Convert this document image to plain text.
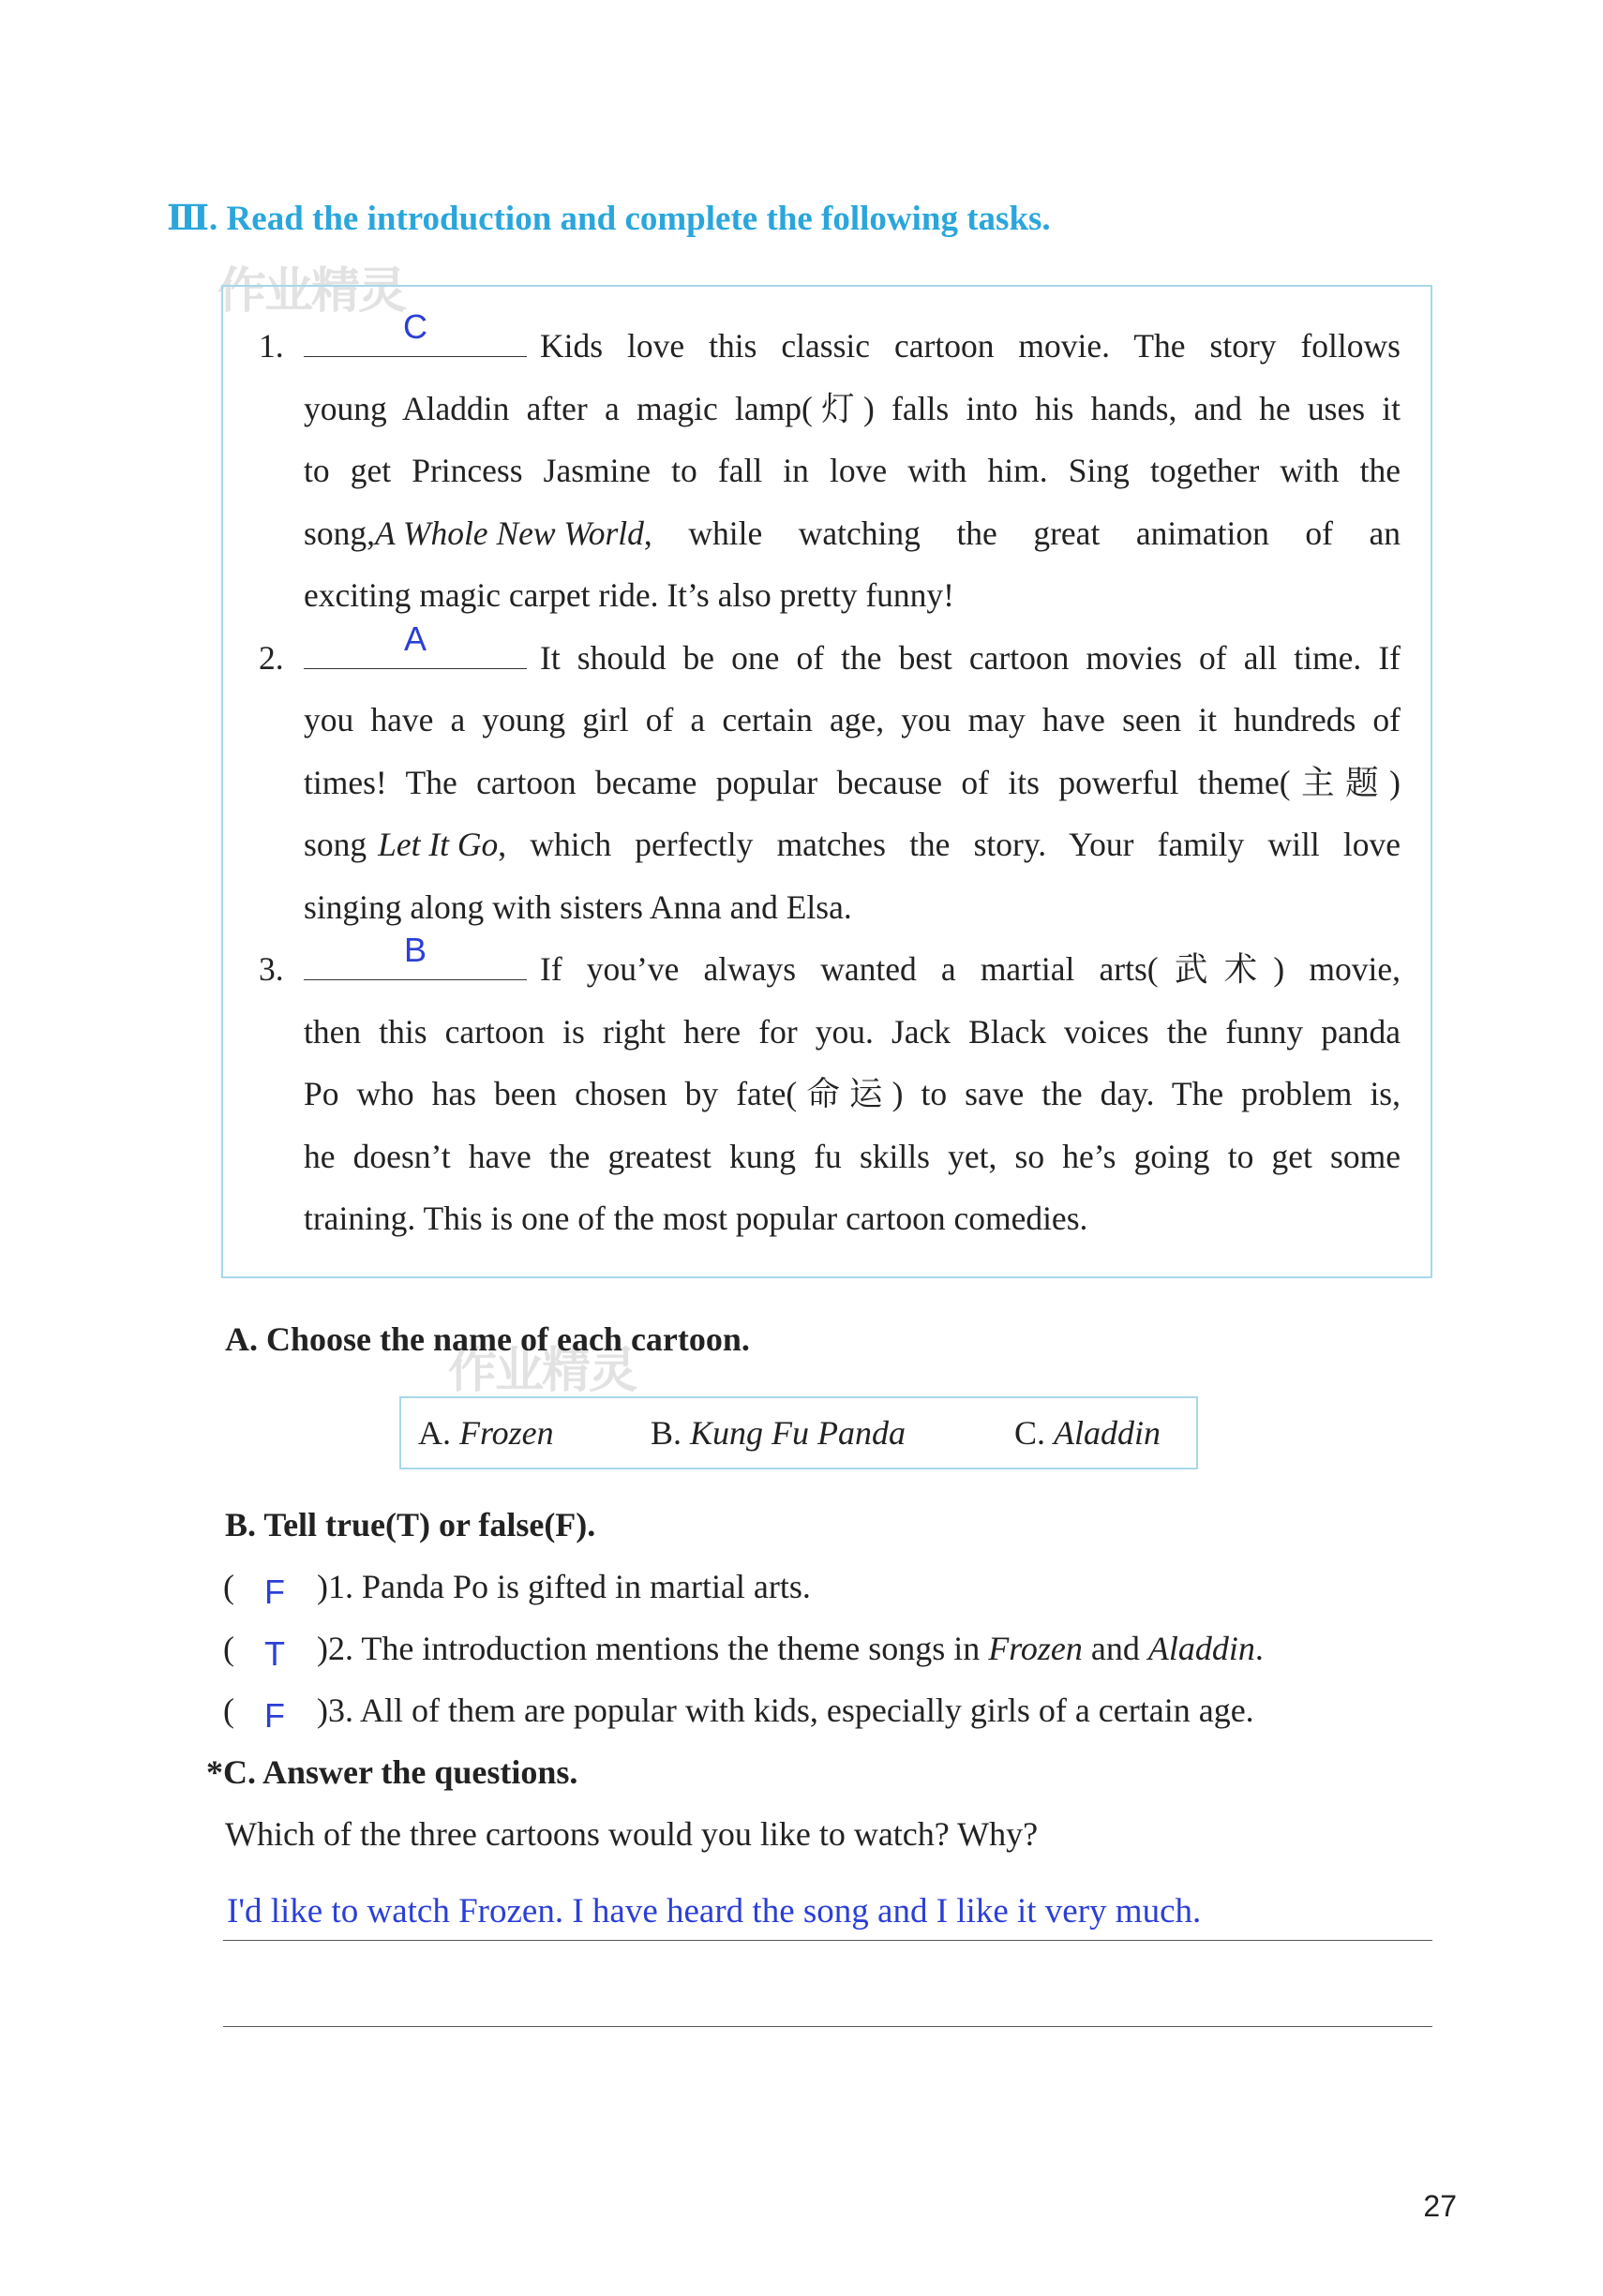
Ⅲ. Read the introduction and complete the following tasks.
作业精灵
作业精灵
1.	C	Kids love this classic cartoon movie. The story follows
young Aladdin after a magic lamp(灯) falls into his hands, and he uses it
to get Princess Jasmine to fall in love with him. Sing together with the
song, A Whole New World , while watching the great animation of an
exciting magic carpet ride. It’s also pretty funny!
2.	A	It should be one of the best cartoon movies of all time. If
you have a young girl of a certain age, you may have seen it hundreds of
times! The cartoon became popular because of its powerful theme(主题)
song Let It Go , which perfectly matches the story. Your family will love
singing along with sisters Anna and Elsa.
3.	B	If you’ve always wanted a martial arts(武术) movie,
then this cartoon is right here for you. Jack Black voices the funny panda
Po who has been chosen by fate(命运) to save the day. The problem is,
he doesn’t have the greatest kung fu skills yet, so he’s going to get some
training. This is one of the most popular cartoon comedies.
A. Choose the name of each cartoon.
A. Frozen	B. Kung Fu Panda	C. Aladdin
B. Tell true(T) or false(F).
( F )1. Panda Po is gifted in martial arts.
( T )2. The introduction mentions the theme songs in Frozen and Aladdin.
( F )3. All of them are popular with kids, especially girls of a certain age.
*C. Answer the questions.
Which of the three cartoons would you like to watch? Why?
I'd like to watch Frozen. I have heard the song and I like it very much.
27
